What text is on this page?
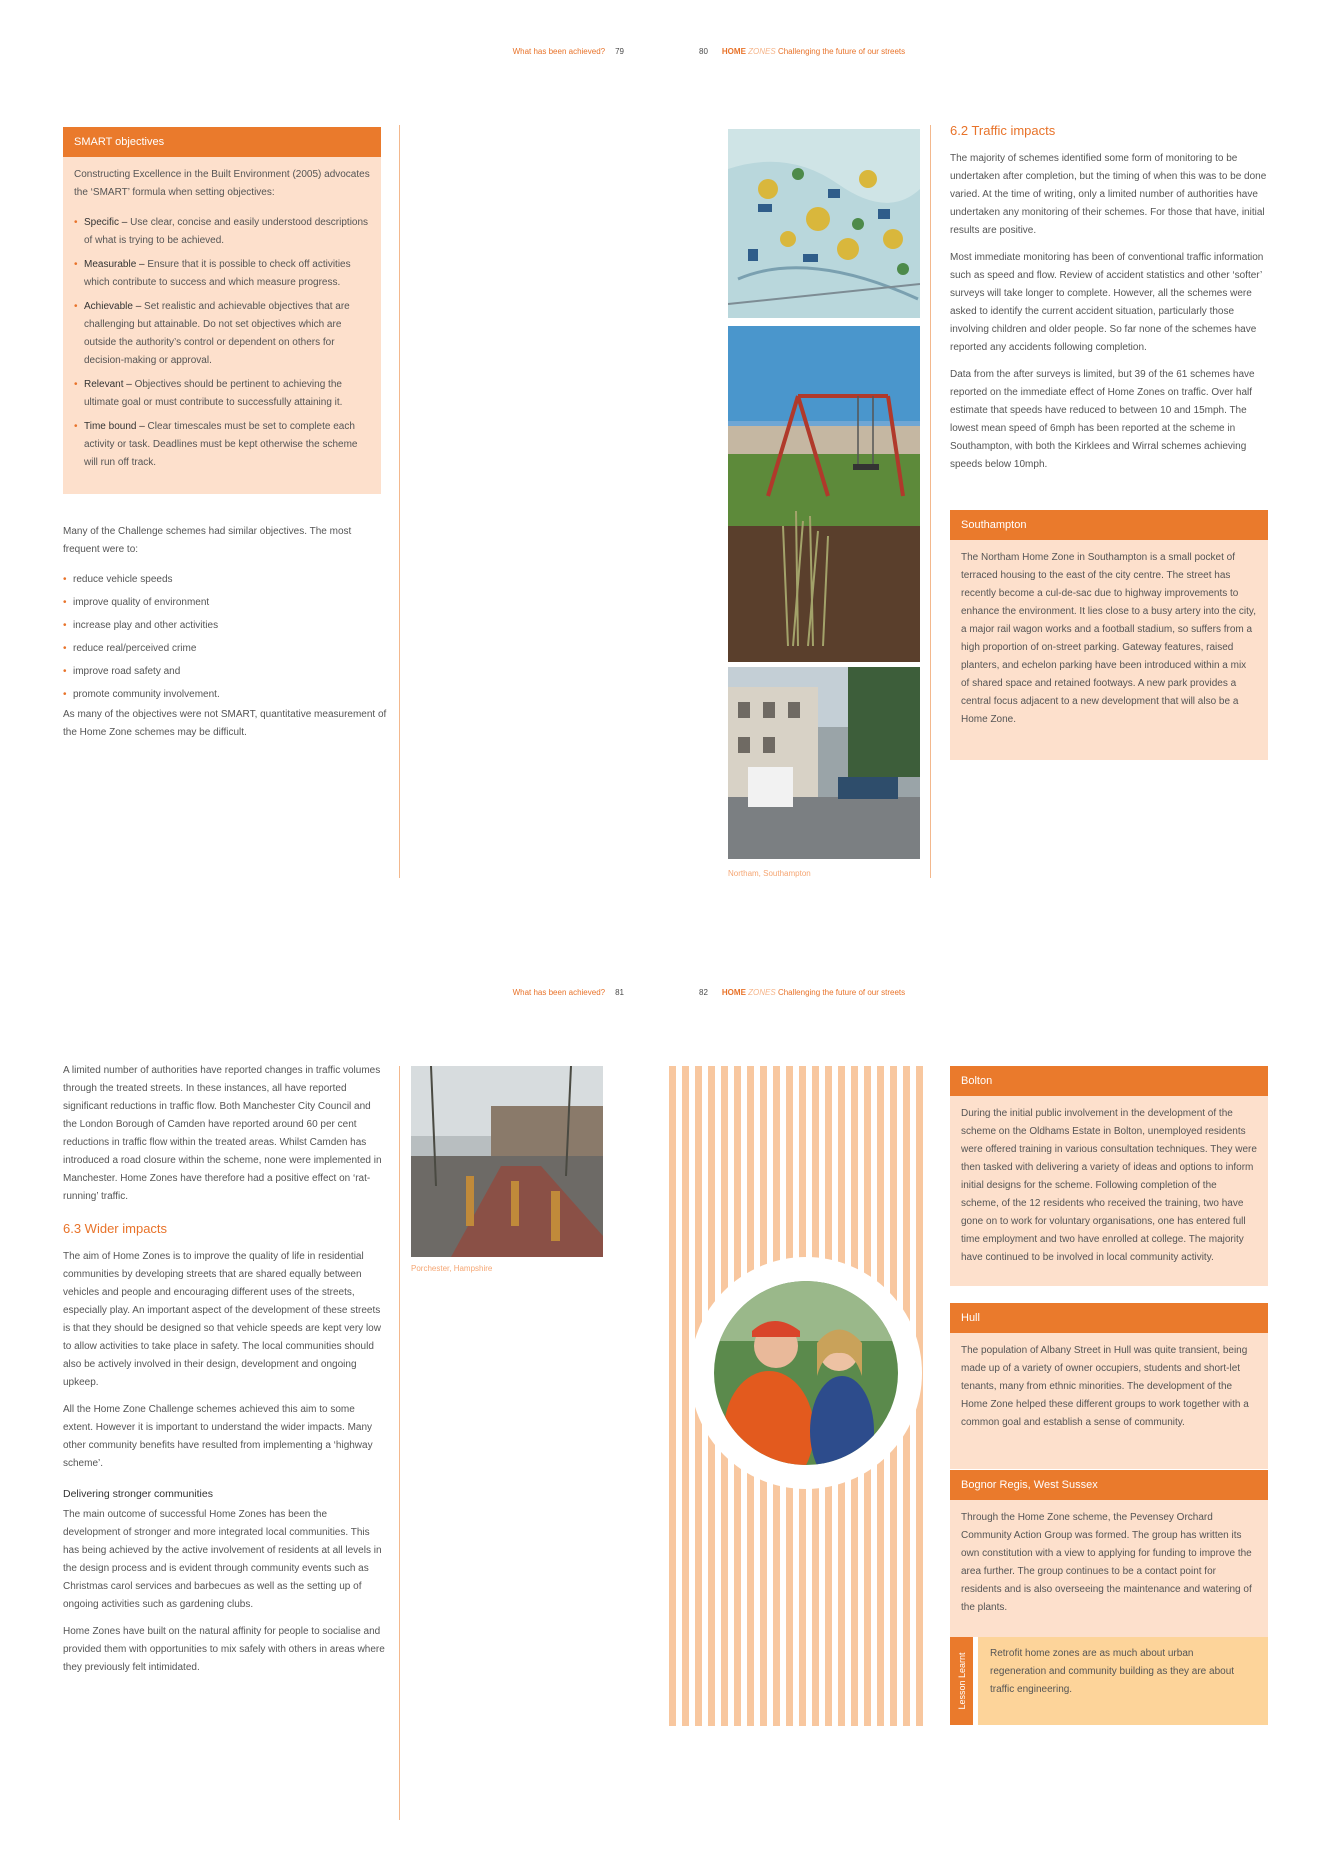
What has been achieved? 79	80 HOME ZONES Challenging the future of our streets
SMART objectives

Constructing Excellence in the Built Environment (2005) advocates the ‘SMART’ formula when setting objectives:

• Specific – Use clear, concise and easily understood descriptions of what is trying to be achieved.
• Measurable – Ensure that it is possible to check off activities which contribute to success and which measure progress.
• Achievable – Set realistic and achievable objectives that are challenging but attainable. Do not set objectives which are outside the authority’s control or dependent on others for decision-making or approval.
• Relevant – Objectives should be pertinent to achieving the ultimate goal or must contribute to successfully attaining it.
• Time bound – Clear timescales must be set to complete each activity or task. Deadlines must be kept otherwise the scheme will run off track.

Many of the Challenge schemes had similar objectives. The most frequent were to:

• reduce vehicle speeds
• improve quality of environment
• increase play and other activities
• reduce real/perceived crime
• improve road safety and
• promote community involvement.

As many of the objectives were not SMART, quantitative measurement of the Home Zone schemes may be difficult.

Northam, Southampton
6.2 Traffic impacts

The majority of schemes identified some form of monitoring to be undertaken after completion, but the timing of when this was to be done varied. At the time of writing, only a limited number of authorities have undertaken any monitoring of their schemes. For those that have, initial results are positive.

Most immediate monitoring has been of conventional traffic information such as speed and flow. Review of accident statistics and other ‘softer’ surveys will take longer to complete. However, all the schemes were asked to identify the current accident situation, particularly those involving children and older people. So far none of the schemes have reported any accidents following completion.

Data from the after surveys is limited, but 39 of the 61 schemes have reported on the immediate effect of Home Zones on traffic. Over half estimate that speeds have reduced to between 10 and 15mph. The lowest mean speed of 6mph has been reported at the scheme in Southampton, with both the Kirklees and Wirral schemes achieving speeds below 10mph.

Southampton

The Northam Home Zone in Southampton is a small pocket of terraced housing to the east of the city centre. The street has recently become a cul-de-sac due to highway improvements to enhance the environment. It lies close to a busy artery into the city, a major rail wagon works and a football stadium, so suffers from a high proportion of on-street parking. Gateway features, raised planters, and echelon parking have been introduced within a mix of shared space and retained footways. A new park provides a central focus adjacent to a new development that will also be a Home Zone.

What has been achieved? 81	82 HOME ZONES Challenging the future of our streets

A limited number of authorities have reported changes in traffic volumes through the treated streets. In these instances, all have reported significant reductions in traffic flow. Both Manchester City Council and the London Borough of Camden have reported around 60 per cent reductions in traffic flow within the treated areas. Whilst Camden has introduced a road closure within the scheme, none were implemented in Manchester. Home Zones have therefore had a positive effect on ‘rat-running’ traffic.

6.3 Wider impacts

The aim of Home Zones is to improve the quality of life in residential communities by developing streets that are shared equally between vehicles and people and encouraging different uses of the streets, especially play. An important aspect of the development of these streets is that they should be designed so that vehicle speeds are kept very low to allow activities to take place in safety. The local communities should also be actively involved in their design, development and ongoing upkeep.

All the Home Zone Challenge schemes achieved this aim to some extent. However it is important to understand the wider impacts. Many other community benefits have resulted from implementing a ‘highway scheme’.

Delivering stronger communities

The main outcome of successful Home Zones has been the development of stronger and more integrated local communities. This has being achieved by the active involvement of residents at all levels in the design process and is evident through community events such as Christmas carol services and barbecues as well as the setting up of ongoing activities such as gardening clubs.

Home Zones have built on the natural affinity for people to socialise and provided them with opportunities to mix safely with others in areas where they previously felt intimidated.

Porchester, Hampshire
Bolton

During the initial public involvement in the development of the scheme on the Oldhams Estate in Bolton, unemployed residents were offered training in various consultation techniques. They were then tasked with delivering a variety of ideas and options to inform initial designs for the scheme. Following completion of the scheme, of the 12 residents who received the training, two have gone on to work for voluntary organisations, one has entered full time employment and two have enrolled at college. The majority have continued to be involved in local community activity.

Hull

The population of Albany Street in Hull was quite transient, being made up of a variety of owner occupiers, students and short-let tenants, many from ethnic minorities. The development of the Home Zone helped these different groups to work together with a common goal and establish a sense of community.

Bognor Regis, West Sussex

Through the Home Zone scheme, the Pevensey Orchard Community Action Group was formed. The group has written its own constitution with a view to applying for funding to improve the area further. The group continues to be a contact point for residents and is also overseeing the maintenance and watering of the plants.

Lesson Learnt Retrofit home zones are as much about urban regeneration and community building as they are about traffic engineering.
